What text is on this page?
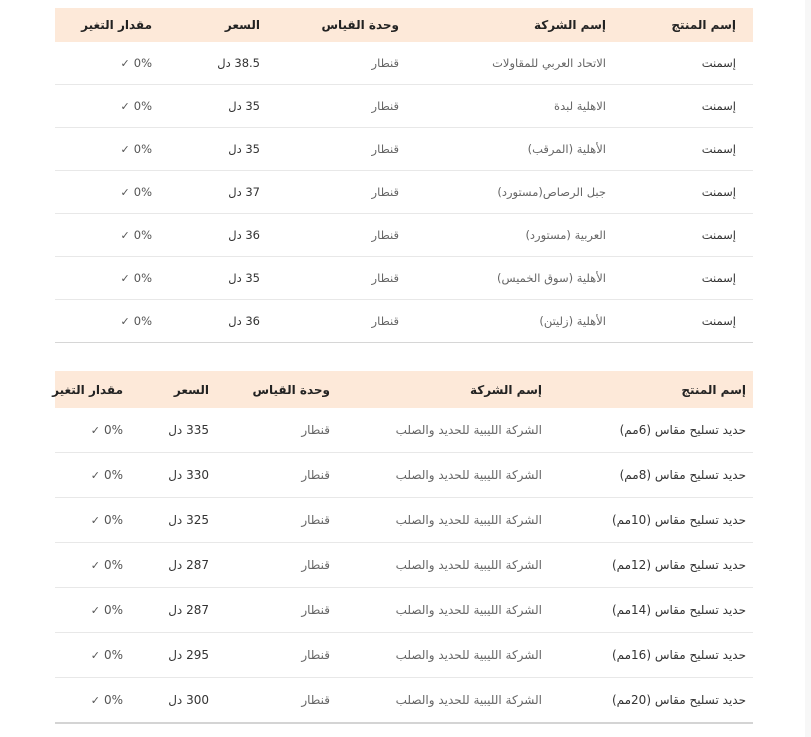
إسم المنتج	إسم الشركة	وحدة القياس	السعر	مقدار التغير
إسمنت	الاتحاد العربي للمقاولات	قنطار	38.5 دل	0%✓
إسمنت	الاهلية لبدة	قنطار	35 دل	0%✓
إسمنت	الأهلية (المرقب)	قنطار	35 دل	0%✓
إسمنت	جبل الرصاص(مستورد)	قنطار	37 دل	0%✓
إسمنت	العربية (مستورد)	قنطار	36 دل	0%✓
إسمنت	الأهلية (سوق الخميس)	قنطار	35 دل	0%✓
إسمنت	الأهلية (زليتن)	قنطار	36 دل	0%✓
إسم المنتج	إسم الشركة	وحدة القياس	السعر	مقدار التغير
حديد تسليح مقاس (6مم)	الشركة الليبية للحديد والصلب	قنطار	335 دل	0%✓
حديد تسليح مقاس (8مم)	الشركة الليبية للحديد والصلب	قنطار	330 دل	0%✓
حديد تسليح مقاس (10مم)	الشركة الليبية للحديد والصلب	قنطار	325 دل	0%✓
حديد تسليح مقاس (12مم)	الشركة الليبية للحديد والصلب	قنطار	287 دل	0%✓
حديد تسليح مقاس (14مم)	الشركة الليبية للحديد والصلب	قنطار	287 دل	0%✓
حديد تسليح مقاس (16مم)	الشركة الليبية للحديد والصلب	قنطار	295 دل	0%✓
حديد تسليح مقاس (20مم)	الشركة الليبية للحديد والصلب	قنطار	300 دل	0%✓
